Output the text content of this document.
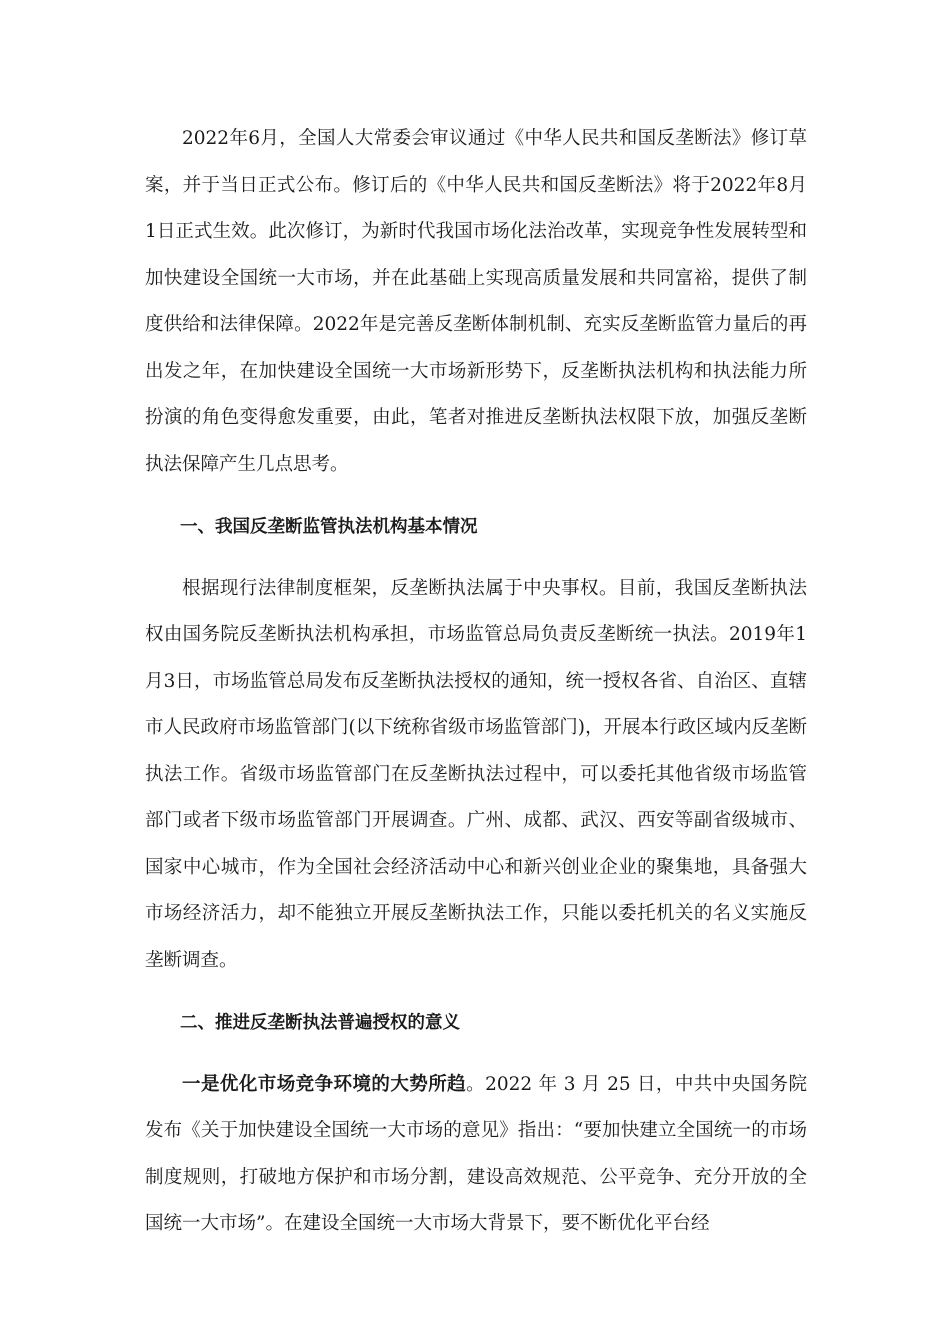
2022年6月，全国人大常委会审议通过《中华人民共和国反垄断法》修订草案，并于当日正式公布。修订后的《中华人民共和国反垄断法》将于2022年8月1日正式生效。此次修订，为新时代我国市场化法治改革，实现竞争性发展转型和加快建设全国统一大市场，并在此基础上实现高质量发展和共同富裕，提供了制度供给和法律保障。2022年是完善反垄断体制机制、充实反垄断监管力量后的再出发之年，在加快建设全国统一大市场新形势下，反垄断执法机构和执法能力所扮演的角色变得愈发重要，由此，笔者对推进反垄断执法权限下放，加强反垄断执法保障产生几点思考。

一、我国反垄断监管执法机构基本情况

根据现行法律制度框架，反垄断执法属于中央事权。目前，我国反垄断执法权由国务院反垄断执法机构承担，市场监管总局负责反垄断统一执法。2019年1月3日，市场监管总局发布反垄断执法授权的通知，统一授权各省、自治区、直辖市人民政府市场监管部门(以下统称省级市场监管部门)，开展本行政区域内反垄断执法工作。省级市场监管部门在反垄断执法过程中，可以委托其他省级市场监管部门或者下级市场监管部门开展调查。广州、成都、武汉、西安等副省级城市、国家中心城市，作为全国社会经济活动中心和新兴创业企业的聚集地，具备强大市场经济活力，却不能独立开展反垄断执法工作，只能以委托机关的名义实施反垄断调查。

二、推进反垄断执法普遍授权的意义

一是优化市场竞争环境的大势所趋。2022 年 3 月 25 日，中共中央国务院发布《关于加快建设全国统一大市场的意见》指出：“要加快建立全国统一的市场制度规则，打破地方保护和市场分割，建设高效规范、公平竞争、充分开放的全国统一大市场”。在建设全国统一大市场大背景下，要不断优化平台经
